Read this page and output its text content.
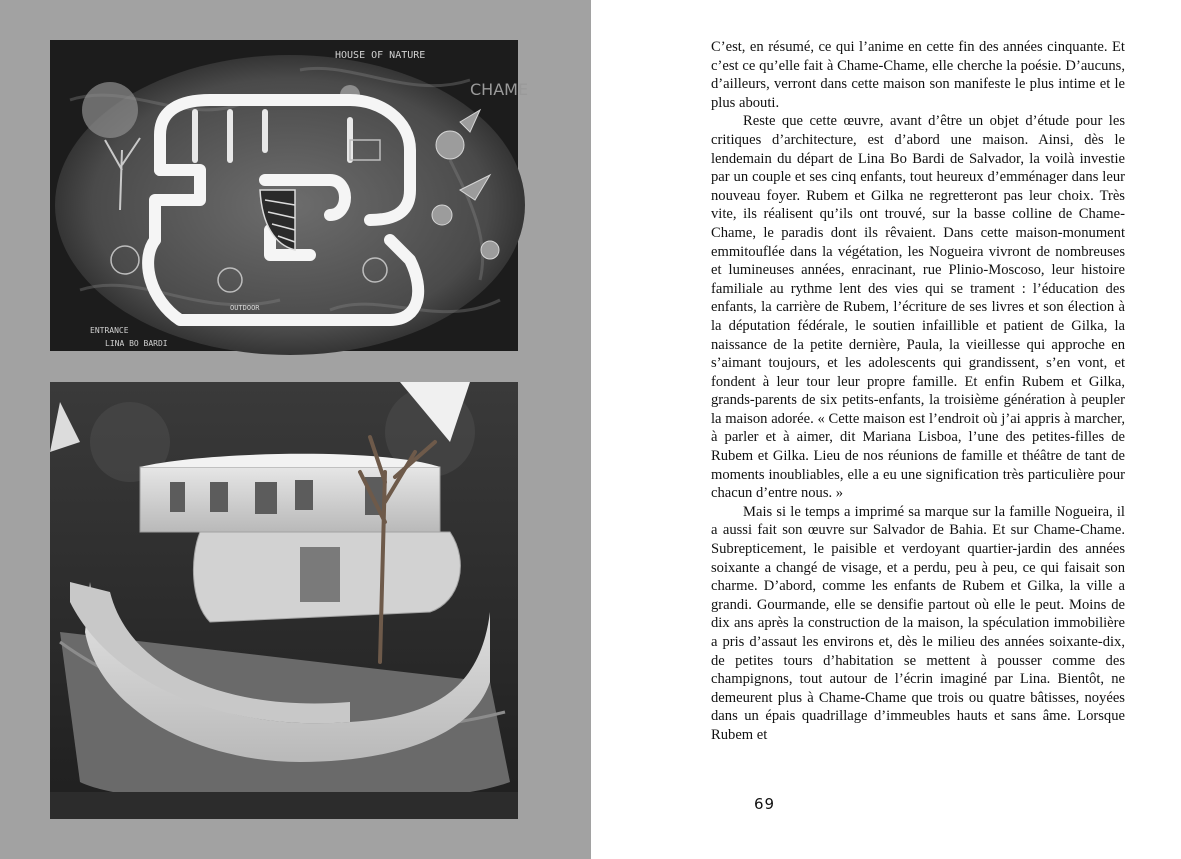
HOUSE OF NATURE
CHAME
OUTDOOR
ENTRANCE
LINA BO BARDI

C’est, en résumé, ce qui l’anime en cette fin des années cinquante. Et c’est ce qu’elle fait à Chame-Chame, elle cherche la poésie. D’aucuns, d’ailleurs, verront dans cette maison son manifeste le plus intime et le plus abouti.

Reste que cette œuvre, avant d’être un objet d’étude pour les critiques d’architecture, est d’abord une maison. Ainsi, dès le lendemain du départ de Lina Bo Bardi de Salvador, la voilà investie par un couple et ses cinq enfants, tout heureux d’emménager dans leur nouveau foyer. Rubem et Gilka ne regretteront pas leur choix. Très vite, ils réalisent qu’ils ont trouvé, sur la basse colline de Chame-Chame, le paradis dont ils rêvaient. Dans cette maison-monument emmitouflée dans la végétation, les Nogueira vivront de nombreuses et lumineuses années, enracinant, rue Plinio-Moscoso, leur histoire familiale au rythme lent des vies qui se trament : l’éducation des enfants, la carrière de Rubem, l’écriture de ses livres et son élection à la députation fédérale, le soutien infaillible et patient de Gilka, la naissance de la petite dernière, Paula, la vieillesse qui approche en s’aimant toujours, et les adolescents qui grandissent, s’en vont, et fondent à leur tour leur propre famille. Et enfin Rubem et Gilka, grands-parents de six petits-enfants, la troisième génération à peupler la maison adorée. « Cette maison est l’endroit où j’ai appris à marcher, à parler et à aimer, dit Mariana Lisboa, l’une des petites-filles de Rubem et Gilka. Lieu de nos réunions de famille et théâtre de tant de moments inoubliables, elle a eu une signification très particulière pour chacun d’entre nous. »

Mais si le temps a imprimé sa marque sur la famille Nogueira, il a aussi fait son œuvre sur Salvador de Bahia. Et sur Chame-Chame. Subrepticement, le paisible et verdoyant quartier-jardin des années soixante a changé de visage, et a perdu, peu à peu, ce qui faisait son charme. D’abord, comme les enfants de Rubem et Gilka, la ville a grandi. Gourmande, elle se densifie partout où elle le peut. Moins de dix ans après la construction de la maison, la spéculation immobilière a pris d’assaut les environs et, dès le milieu des années soixante-dix, de petites tours d’habitation se mettent à pousser comme des champignons, tout autour de l’écrin imaginé par Lina. Bientôt, ne demeurent plus à Chame-Chame que trois ou quatre bâtisses, noyées dans un épais quadrillage d’immeubles hauts et sans âme. Lorsque Rubem et

69
